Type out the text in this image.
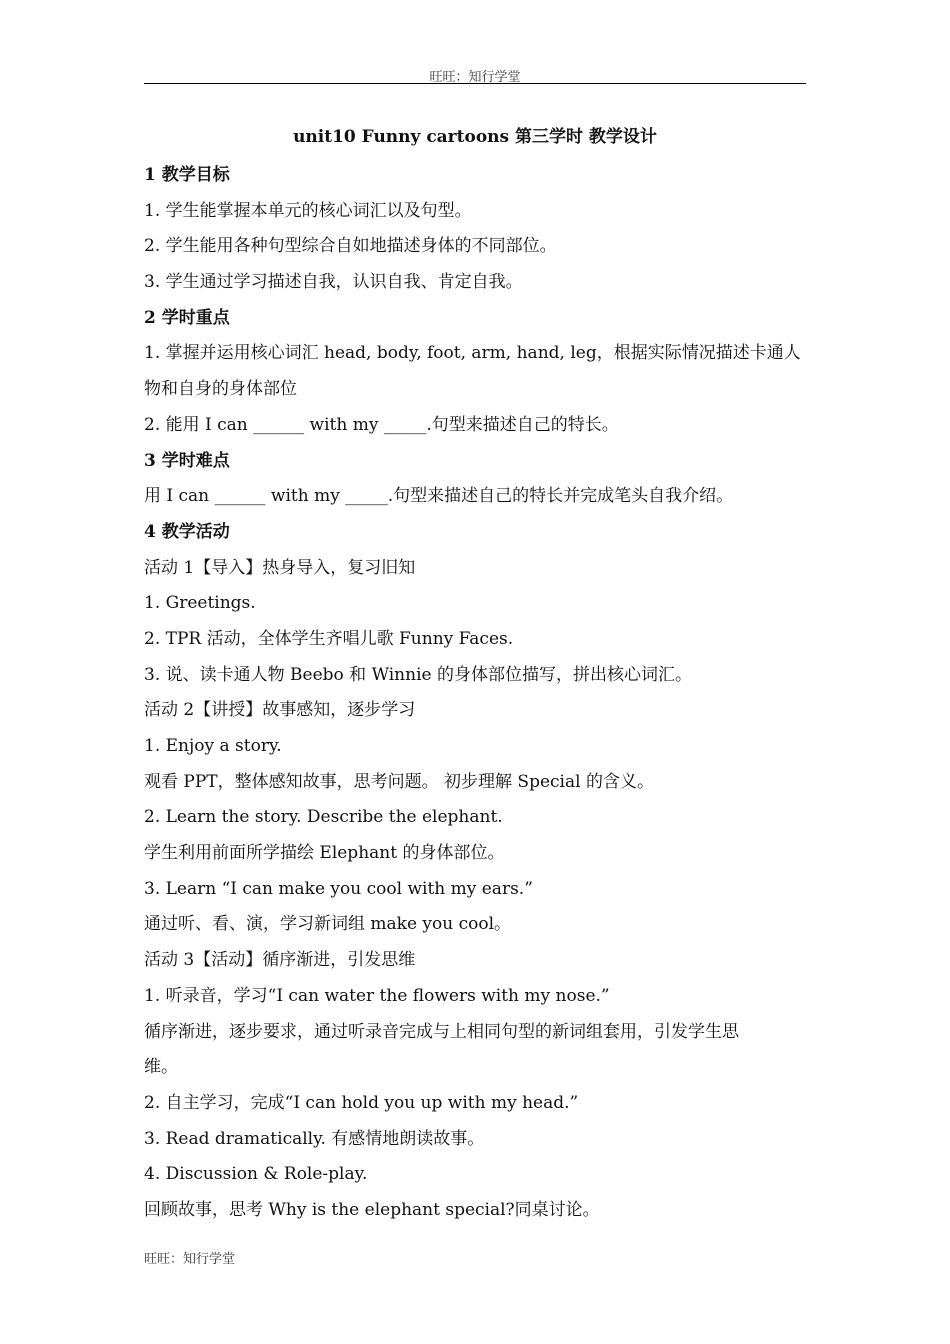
旺旺：知行学堂
unit10 Funny cartoons 第三学时 教学设计
1 教学目标
1. 学生能掌握本单元的核心词汇以及句型。
2. 学生能用各种句型综合自如地描述身体的不同部位。
3. 学生通过学习描述自我，认识自我、肯定自我。
2 学时重点
1. 掌握并运用核心词汇 head, body, foot, arm, hand, leg，根据实际情况描述卡通人
物和自身的身体部位
2. 能用 I can ______ with my _____.句型来描述自己的特长。
3 学时难点
用 I can ______ with my _____.句型来描述自己的特长并完成笔头自我介绍。
4 教学活动
活动 1【导入】热身导入，复习旧知
1. Greetings.
2. TPR 活动，全体学生齐唱儿歌 Funny Faces.
3. 说、读卡通人物 Beebo 和 Winnie 的身体部位描写，拼出核心词汇。
活动 2【讲授】故事感知，逐步学习
1. Enjoy a story.
观看 PPT，整体感知故事，思考问题。 初步理解 Special 的含义。
2. Learn the story. Describe the elephant.
学生利用前面所学描绘 Elephant 的身体部位。
3. Learn “I can make you cool with my ears.”
通过听、看、演，学习新词组 make you cool。
活动 3【活动】循序渐进，引发思维
1. 听录音，学习“I can water the flowers with my nose.”
循序渐进，逐步要求，通过听录音完成与上相同句型的新词组套用，引发学生思
维。
2. 自主学习，完成“I can hold you up with my head.”
3. Read dramatically. 有感情地朗读故事。
4. Discussion & Role-play.
回顾故事，思考 Why is the elephant special?同桌讨论。
旺旺：知行学堂
